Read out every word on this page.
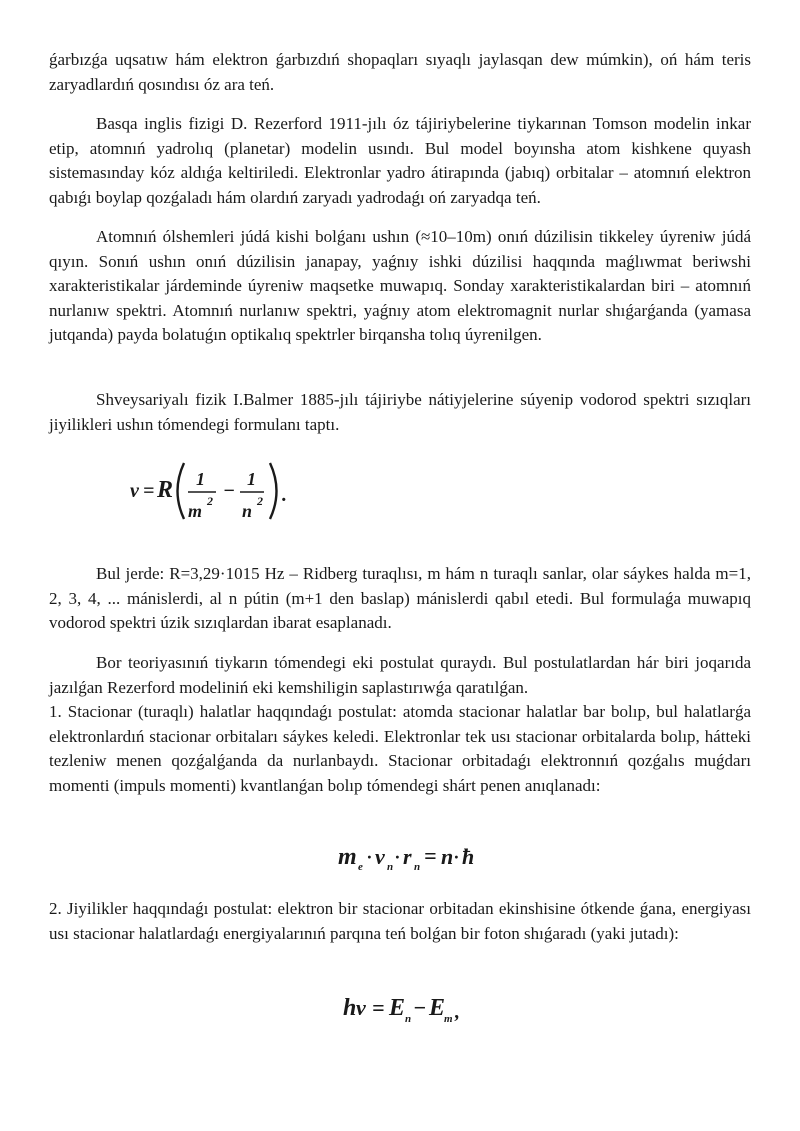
ǵarbızǵa uqsatıw hám elektron ǵarbızdıń shopaqları sıyaqlı jaylasqan dew múmkin), oń hám teris zaryadlardıń qosındısı óz ara teń.

Basqa inglis fizigi D. Rezerford 1911-jılı óz tájiriybelerine tiykarınan Tomson modelin inkar etip, atomnıń yadrolıq (planetar) modelin usındı. Bul model boyınsha atom kishkene quyash sistemasınday kóz aldıǵa keltiriledi. Elektronlar yadro átirapında (jabıq) orbitalar – atomnıń elektron qabıǵı boylap qozǵaladı hám olardıń zaryadı yadrodaǵı oń zaryadqa teń.

Atomnıń ólshemleri júdá kishi bolǵanı ushın (≈10–10m) onıń dúzilisin tikkeley úyreniw júdá qıyın. Sonıń ushın onıń dúzilisin janapay, yaǵnıy ishki dúzilisi haqqında maǵlıwmat beriwshi xarakteristikalar járdeminde úyreniw maqsetke muwapıq. Sonday xarakteristikalardan biri – atomnıń nurlanıw spektri. Atomnıń nurlanıw spektri, yaǵnıy atom elektromagnit nurlar shıǵarǵanda (yamasa jutqanda) payda bolatuǵın optikalıq spektrler birqansha tolıq úyrenilgen.

Shveysariyalı fizik I.Balmer 1885-jılı tájiriybe nátiyjelerine súyenip vodorod spektri sızıqları jiyilikleri ushın tómendegi formulanı taptı.

ν = R 1
m 2 −
1
n 2 .

Bul jerde: R=3,29·1015 Hz – Ridberg turaqlısı, m hám n turaqlı sanlar, olar sáykes halda m=1, 2, 3, 4, ... mánislerdi, al n pútin (m+1 den baslap) mánislerdi qabıl etedi. Bul formulaǵa muwapıq vodorod spektri úzik sızıqlardan ibarat esaplanadı.

Bor teoriyasınıń tiykarın tómendegi eki postulat quraydı. Bul postulatlardan hár biri joqarıda jazılǵan Rezerford modeliniń eki kemshiligin saplastırıwǵa qaratılǵan.

1. Stacionar (turaqlı) halatlar haqqındaǵı postulat: atomda stacionar halatlar bar bolıp, bul halatlarǵa elektronlardıń stacionar orbitaları sáykes keledi. Elektronlar tek usı stacionar orbitalarda bolıp, hátteki tezleniw menen qozǵalǵanda da nurlanbaydı. Stacionar orbitadaǵı elektronnıń qozǵalıs muǵdarı momenti (impuls momenti) kvantlanǵan bolıp tómendegi shárt penen anıqlanadı:

m e · v n · r n = n · ħ

2. Jiyilikler haqqındaǵı postulat: elektron bir stacionar orbitadan ekinshisine ótkende ǵana, energiyası usı stacionar halatlardaǵı energiyalarınıń parqına teń bolǵan bir foton shıǵaradı (yaki jutadı):

h ν = E n − E
m ,
